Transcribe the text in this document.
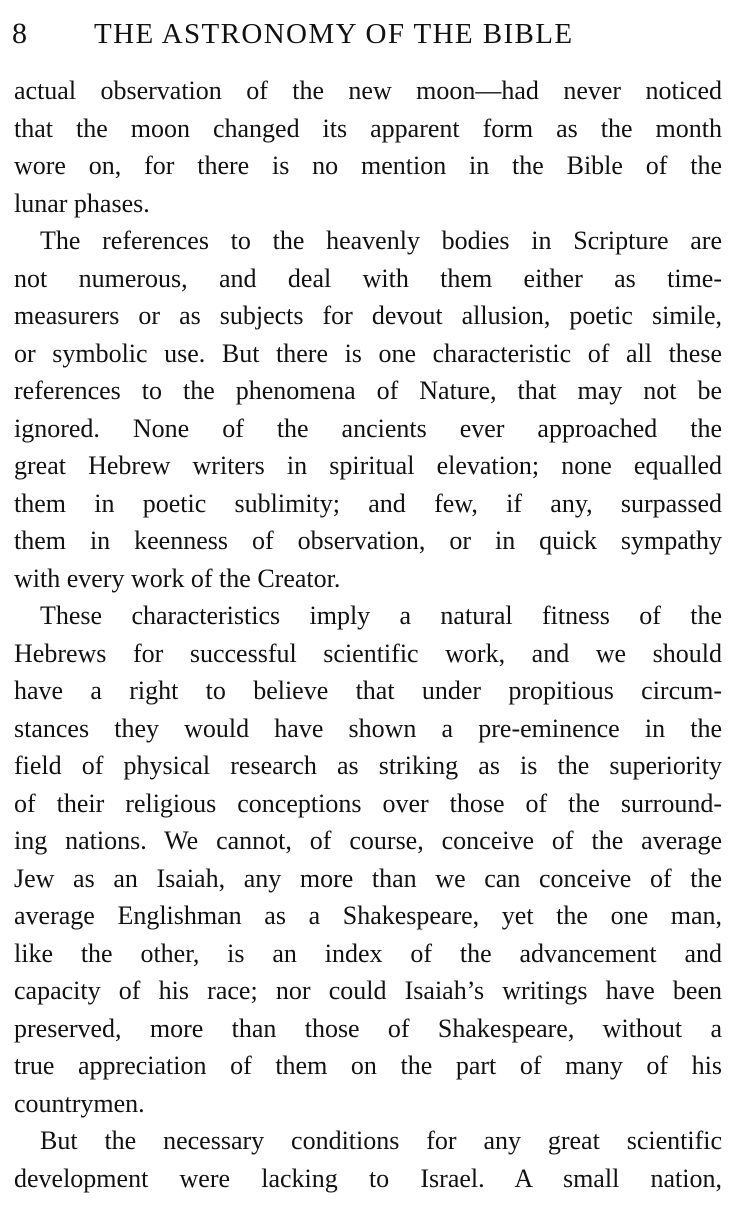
8 THE ASTRONOMY OF THE BIBLE
actual observation of the new moon—had never noticed
that the moon changed its apparent form as the month
wore on, for there is no mention in the Bible of the
lunar phases.
The references to the heavenly bodies in Scripture are
not numerous, and deal with them either as time-
measurers or as subjects for devout allusion, poetic simile,
or symbolic use. But there is one characteristic of all these
references to the phenomena of Nature, that may not be
ignored. None of the ancients ever approached the
great Hebrew writers in spiritual elevation; none equalled
them in poetic sublimity; and few, if any, surpassed
them in keenness of observation, or in quick sympathy
with every work of the Creator.
These characteristics imply a natural fitness of the
Hebrews for successful scientific work, and we should
have a right to believe that under propitious circum-
stances they would have shown a pre-eminence in the
field of physical research as striking as is the superiority
of their religious conceptions over those of the surround-
ing nations. We cannot, of course, conceive of the average
Jew as an Isaiah, any more than we can conceive of the
average Englishman as a Shakespeare, yet the one man,
like the other, is an index of the advancement and
capacity of his race; nor could Isaiah’s writings have been
preserved, more than those of Shakespeare, without a
true appreciation of them on the part of many of his
countrymen.
But the necessary conditions for any great scientific
development were lacking to Israel. A small nation,
